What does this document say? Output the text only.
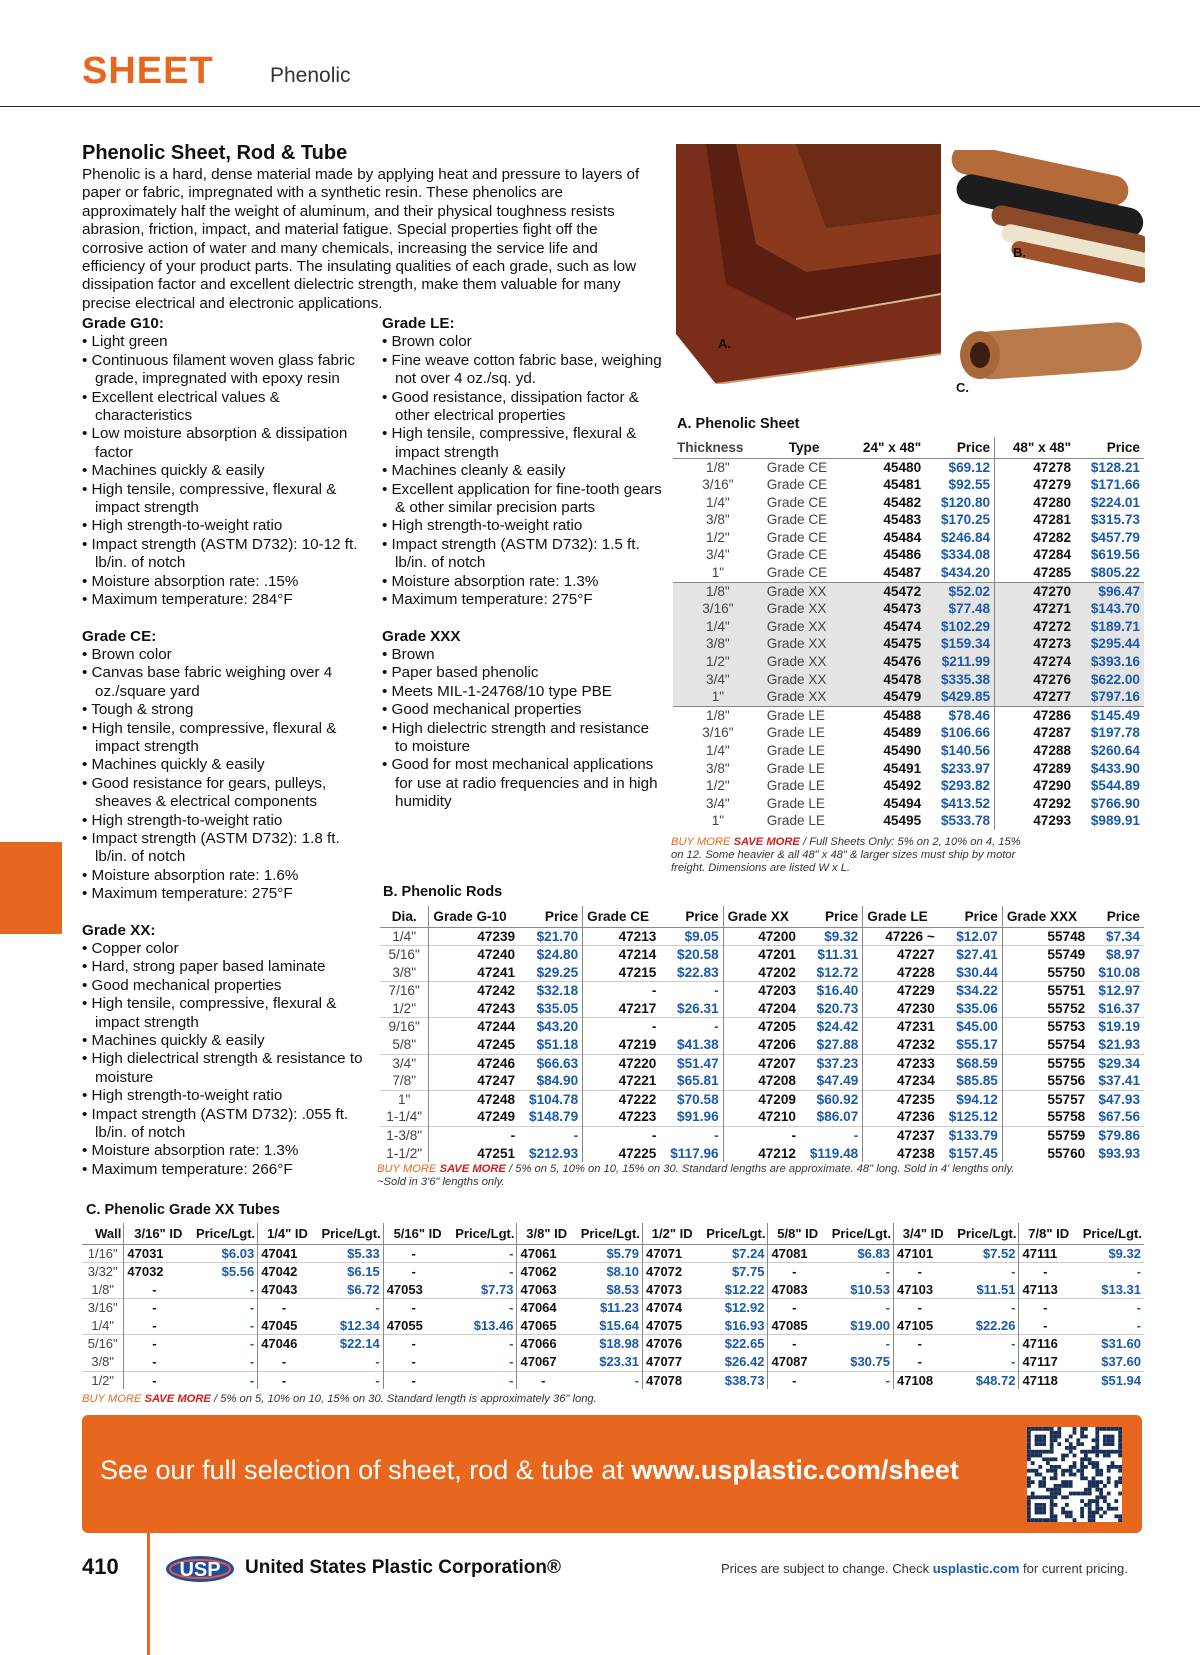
SHEET	Phenolic
Phenolic Sheet, Rod & Tube
Phenolic is a hard, dense material made by applying heat and pressure to layers of paper or fabric, impregnated with a synthetic resin. These phenolics are approximately half the weight of aluminum, and their physical toughness resists abrasion, friction, impact, and material fatigue. Special properties fight off the corrosive action of water and many chemicals, increasing the service life and efficiency of your product parts. The insulating qualities of each grade, such as low dissipation factor and excellent dielectric strength, make them valuable for many precise electrical and electronic applications.
Grade G10:
• Light green
• Continuous filament woven glass fabric grade, impregnated with epoxy resin
• Excellent electrical values & characteristics
• Low moisture absorption & dissipation factor
• Machines quickly & easily
• High tensile, compressive, flexural & impact strength
• High strength-to-weight ratio
• Impact strength (ASTM D732): 10-12 ft. lb/in. of notch
• Moisture absorption rate: .15%
• Maximum temperature: 284°F
Grade CE:
• Brown color
• Canvas base fabric weighing over 4 oz./square yard
• Tough & strong
• High tensile, compressive, flexural & impact strength
• Machines quickly & easily
• Good resistance for gears, pulleys, sheaves & electrical components
• High strength-to-weight ratio
• Impact strength (ASTM D732): 1.8 ft. lb/in. of notch
• Moisture absorption rate: 1.6%
• Maximum temperature: 275°F
Grade XX:
• Copper color
• Hard, strong paper based laminate
• Good mechanical properties
• High tensile, compressive, flexural & impact strength
• Machines quickly & easily
• High dielectrical strength & resistance to moisture
• High strength-to-weight ratio
• Impact strength (ASTM D732): .055 ft. lb/in. of notch
• Moisture absorption rate: 1.3%
• Maximum temperature: 266°F
Grade LE:
• Brown color
• Fine weave cotton fabric base, weighing not over 4 oz./sq. yd.
• Good resistance, dissipation factor & other electrical properties
• High tensile, compressive, flexural & impact strength
• Machines cleanly & easily
• Excellent application for fine-tooth gears & other similar precision parts
• High strength-to-weight ratio
• Impact strength (ASTM D732): 1.5 ft. lb/in. of notch
• Moisture absorption rate: 1.3%
• Maximum temperature: 275°F
Grade XXX
• Brown
• Paper based phenolic
• Meets MIL-1-24768/10 type PBE
• Good mechanical properties
• High dielectric strength and resistance to moisture
• Good for most mechanical applications for use at radio frequencies and in high humidity
A.
B.
C.
A. Phenolic Sheet
Thickness	Type	24" x 48"	Price	48" x 48"	Price
1/8"	Grade CE	45480	$69.12	47278	$128.21
3/16"	Grade CE	45481	$92.55	47279	$171.66
1/4"	Grade CE	45482	$120.80	47280	$224.01
3/8"	Grade CE	45483	$170.25	47281	$315.73
1/2"	Grade CE	45484	$246.84	47282	$457.79
3/4"	Grade CE	45486	$334.08	47284	$619.56
1"	Grade CE	45487	$434.20	47285	$805.22
1/8"	Grade XX	45472	$52.02	47270	$96.47
3/16"	Grade XX	45473	$77.48	47271	$143.70
1/4"	Grade XX	45474	$102.29	47272	$189.71
3/8"	Grade XX	45475	$159.34	47273	$295.44
1/2"	Grade XX	45476	$211.99	47274	$393.16
3/4"	Grade XX	45478	$335.38	47276	$622.00
1"	Grade XX	45479	$429.85	47277	$797.16
1/8"	Grade LE	45488	$78.46	47286	$145.49
3/16"	Grade LE	45489	$106.66	47287	$197.78
1/4"	Grade LE	45490	$140.56	47288	$260.64
3/8"	Grade LE	45491	$233.97	47289	$433.90
1/2"	Grade LE	45492	$293.82	47290	$544.89
3/4"	Grade LE	45494	$413.52	47292	$766.90
1"	Grade LE	45495	$533.78	47293	$989.91
BUY MORE SAVE MORE / Full Sheets Only: 5% on 2, 10% on 4, 15%
on 12. Some heavier & all 48" x 48" & larger sizes must ship by motor
freight. Dimensions are listed W x L.
B. Phenolic Rods
Dia.	Grade G-10	Price	Grade CE	Price	Grade XX	Price	Grade LE	Price	Grade XXX	Price
1/4"	47239	$21.70	47213	$9.05	47200	$9.32	47226 ~	$12.07	55748	$7.34
5/16"	47240	$24.80	47214	$20.58	47201	$11.31	47227	$27.41	55749	$8.97
3/8"	47241	$29.25	47215	$22.83	47202	$12.72	47228	$30.44	55750	$10.08
7/16"	47242	$32.18	-	-	47203	$16.40	47229	$34.22	55751	$12.97
1/2"	47243	$35.05	47217	$26.31	47204	$20.73	47230	$35.06	55752	$16.37
9/16"	47244	$43.20	-	-	47205	$24.42	47231	$45.00	55753	$19.19
5/8"	47245	$51.18	47219	$41.38	47206	$27.88	47232	$55.17	55754	$21.93
3/4"	47246	$66.63	47220	$51.47	47207	$37.23	47233	$68.59	55755	$29.34
7/8"	47247	$84.90	47221	$65.81	47208	$47.49	47234	$85.85	55756	$37.41
1"	47248	$104.78	47222	$70.58	47209	$60.92	47235	$94.12	55757	$47.93
1-1/4"	47249	$148.79	47223	$91.96	47210	$86.07	47236	$125.12	55758	$67.56
1-3/8"	-	-	-	-	-	-	47237	$133.79	55759	$79.86
1-1/2"	47251	$212.93	47225	$117.96	47212	$119.48	47238	$157.45	55760	$93.93
BUY MORE SAVE MORE / 5% on 5, 10% on 10, 15% on 30. Standard lengths are approximate. 48" long. Sold in 4' lengths only.
~Sold in 3'6" lengths only.
C. Phenolic Grade XX Tubes
Wall	3/16" ID	Price/Lgt.	1/4" ID	Price/Lgt.	5/16" ID	Price/Lgt.	3/8" ID	Price/Lgt.	1/2" ID	Price/Lgt.	5/8" ID	Price/Lgt.	3/4" ID	Price/Lgt.	7/8" ID	Price/Lgt.
1/16"	47031	$6.03	47041	$5.33	-	-	47061	$5.79	47071	$7.24	47081	$6.83	47101	$7.52	47111	$9.32
3/32"	47032	$5.56	47042	$6.15	-	-	47062	$8.10	47072	$7.75	-	-	-	-	-	-
1/8"	-	-	47043	$6.72	47053	$7.73	47063	$8.53	47073	$12.22	47083	$10.53	47103	$11.51	47113	$13.31
3/16"	-	-	-	-	-	-	47064	$11.23	47074	$12.92	-	-	-	-	-	-
1/4"	-	-	47045	$12.34	47055	$13.46	47065	$15.64	47075	$16.93	47085	$19.00	47105	$22.26	-	-
5/16"	-	-	47046	$22.14	-	-	47066	$18.98	47076	$22.65	-	-	-	-	47116	$31.60
3/8"	-	-	-	-	-	-	47067	$23.31	47077	$26.42	47087	$30.75	-	-	47117	$37.60
1/2"	-	-	-	-	-	-	-	-	47078	$38.73	-	-	47108	$48.72	47118	$51.94
BUY MORE SAVE MORE / 5% on 5, 10% on 10, 15% on 30. Standard length is approximately 36" long.
See our full selection of sheet, rod & tube at www.usplastic.com/sheet
410	USP United States Plastic Corporation®	Prices are subject to change. Check usplastic.com for current pricing.
